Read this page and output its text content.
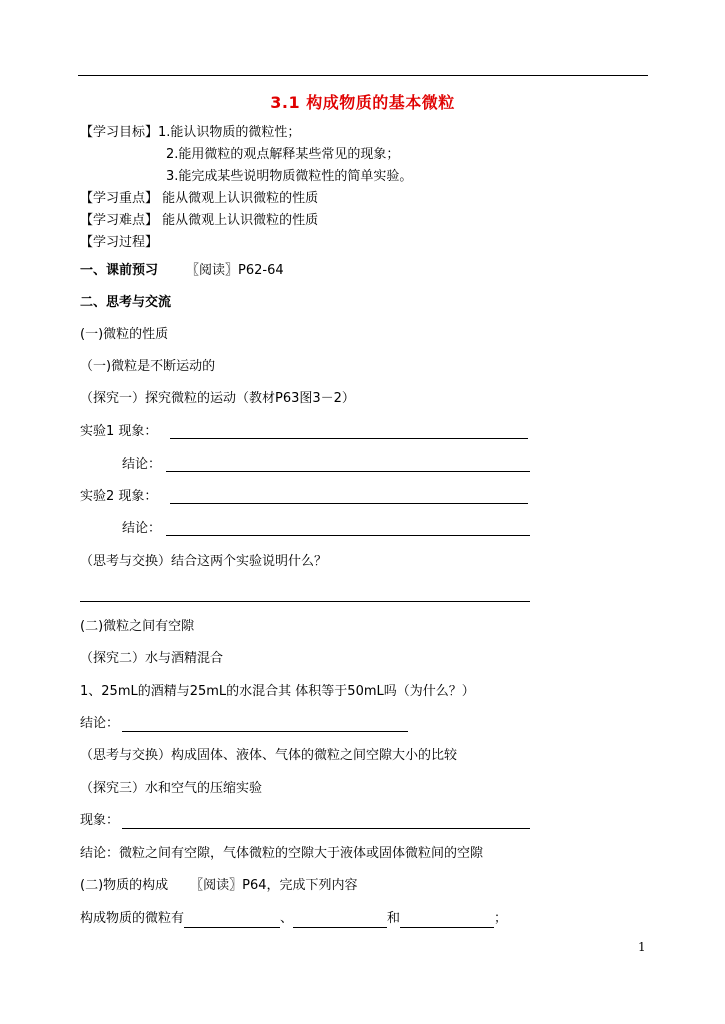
3.1 构成物质的基本微粒
【学习目标】1.能认识物质的微粒性；
2.能用微粒的观点解释某些常见的现象；
3.能完成某些说明物质微粒性的简单实验。
【学习重点】 能从微观上认识微粒的性质
【学习难点】 能从微观上认识微粒的性质
【学习过程】
一、课前预习 〖阅读〗P62-64
二、思考与交流
(一)微粒的性质
（一)微粒是不断运动的
（探究一）探究微粒的运动（教材P63图3－2）
实验1 现象：
结论：
实验2 现象：
结论：
（思考与交换）结合这两个实验说明什么？
(二)微粒之间有空隙
（探究二）水与酒精混合
1、25mL的酒精与25mL的水混合其 体积等于50mL吗（为什么？）
结论：
（思考与交换）构成固体、液体、气体的微粒之间空隙大小的比较
（探究三）水和空气的压缩实验
现象：
结论：微粒之间有空隙，气体微粒的空隙大于液体或固体微粒间的空隙
(二)物质的构成 〖阅读〗P64，完成下列内容
构成物质的微粒有	、	和	；
1
